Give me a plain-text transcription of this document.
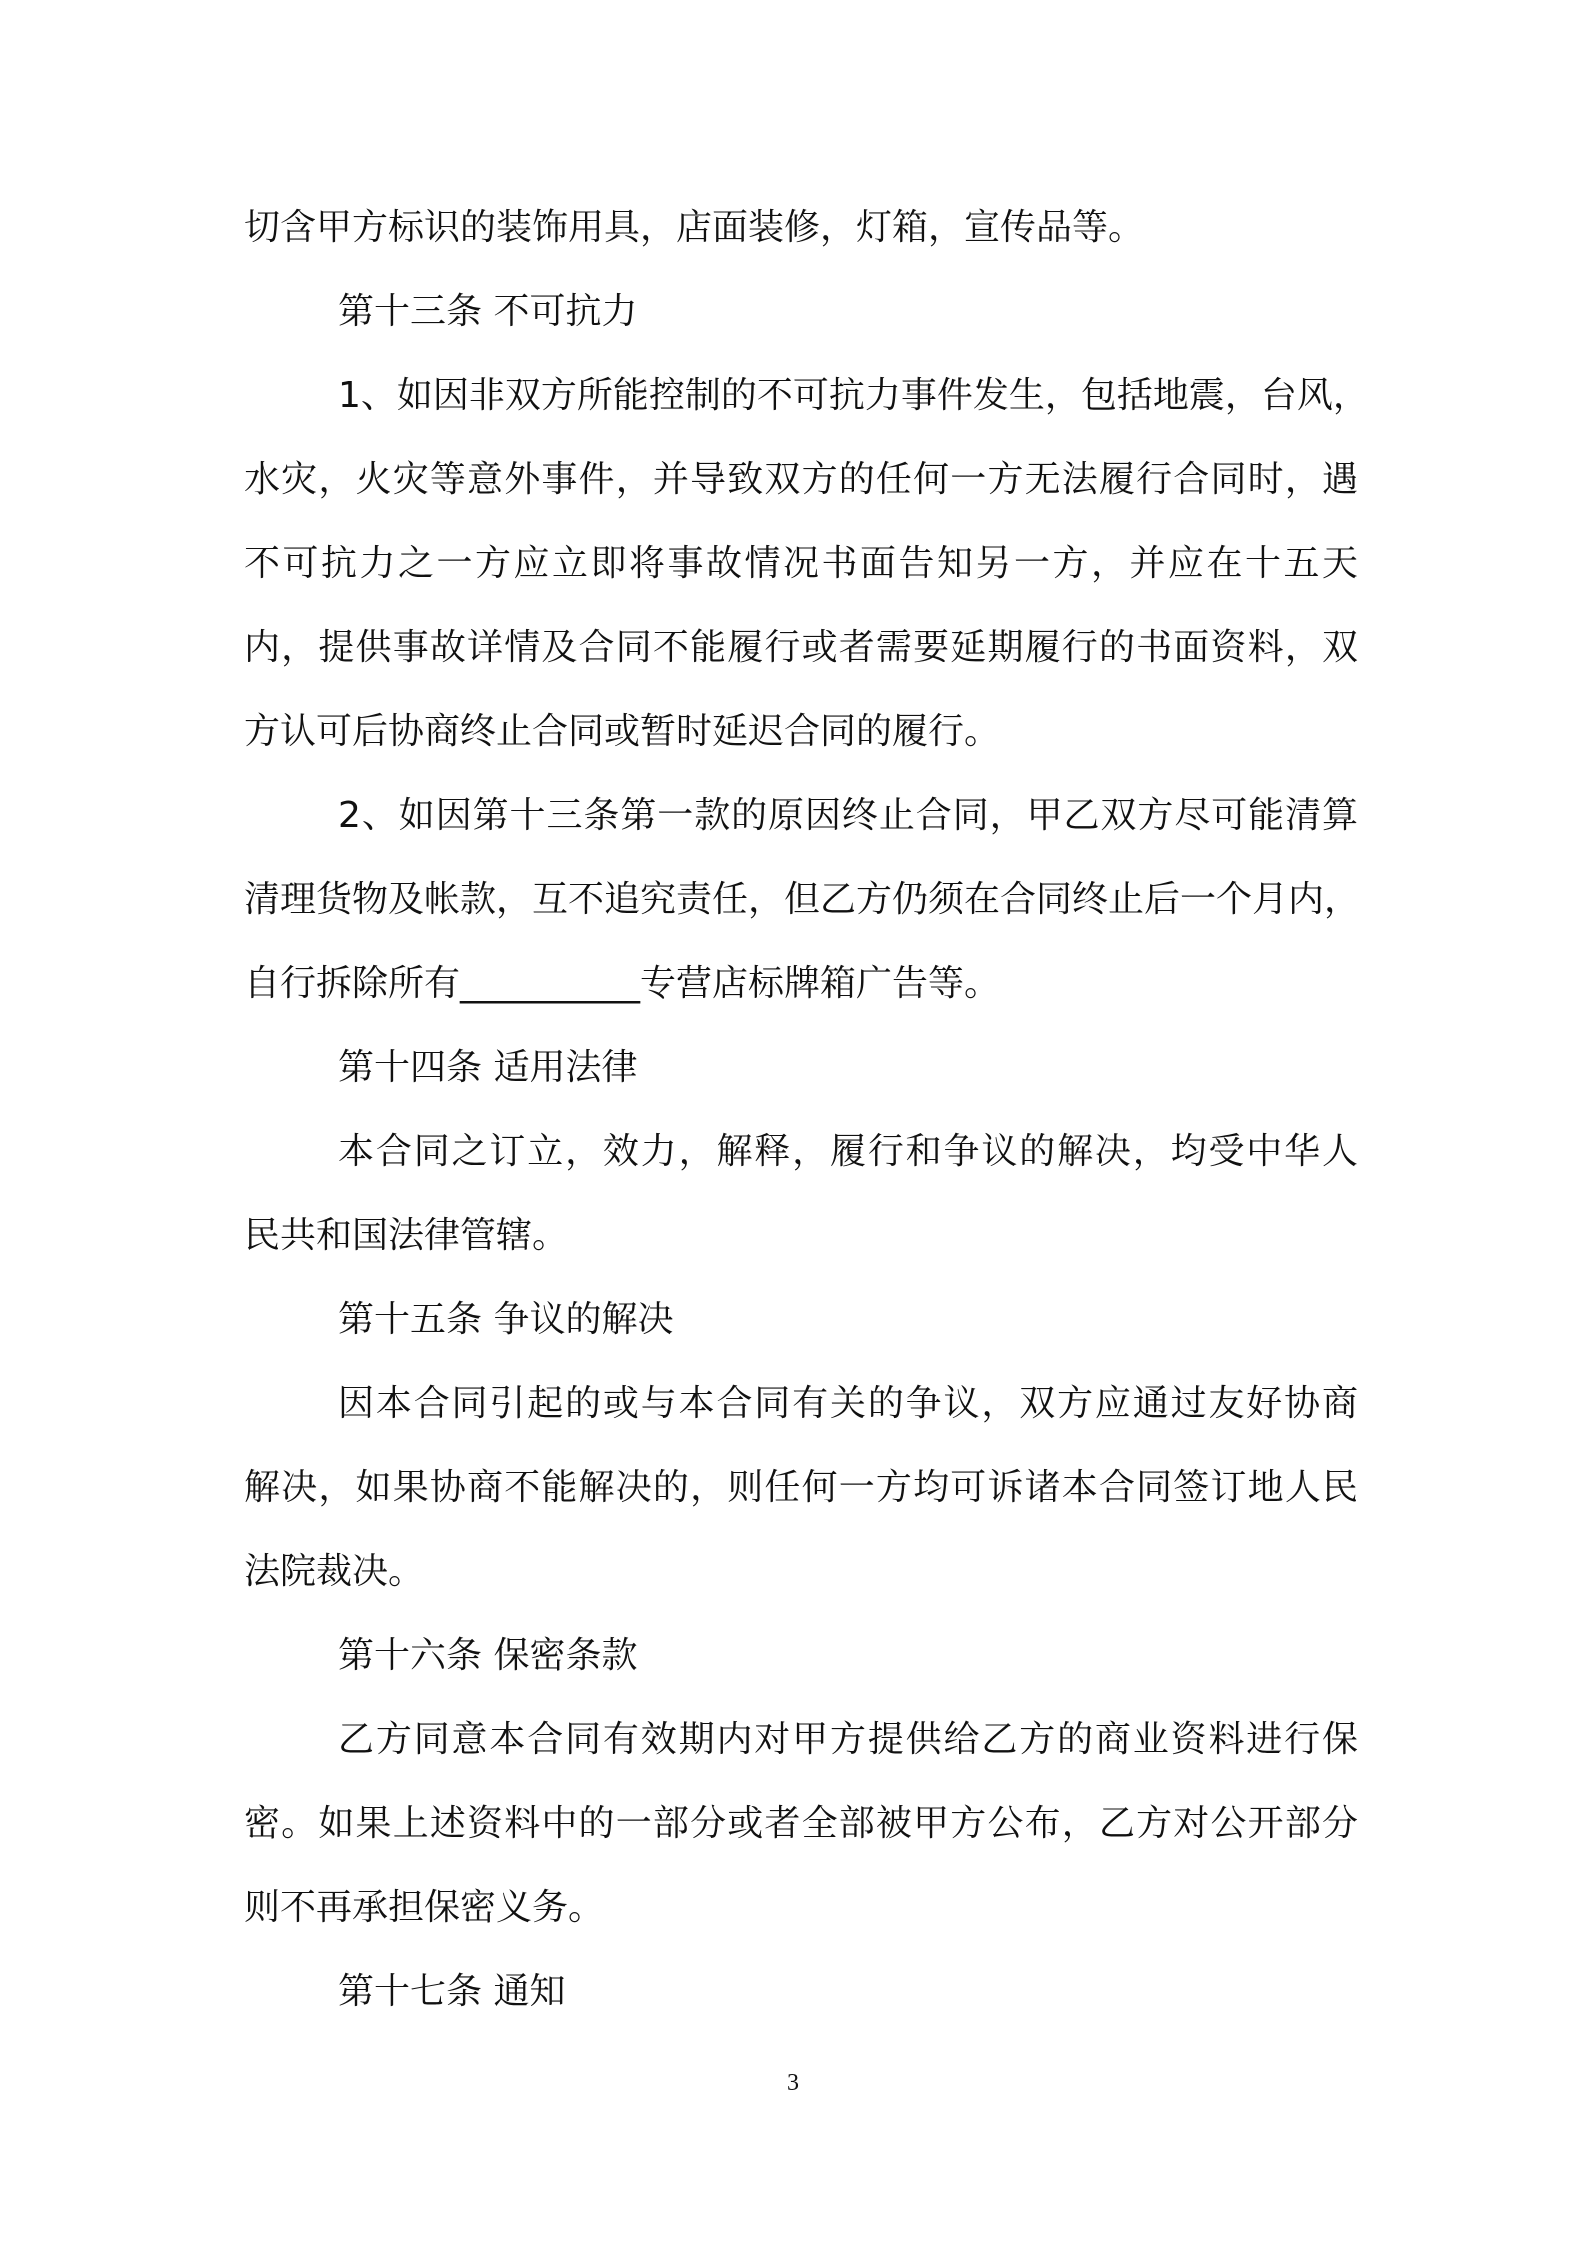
切含甲方标识的装饰用具，店面装修，灯箱，宣传品等。
第十三条 不可抗力
1、如因非双方所能控制的不可抗力事件发生，包括地震，台风，
水灾，火灾等意外事件，并导致双方的任何一方无法履行合同时，遇
不可抗力之一方应立即将事故情况书面告知另一方，并应在十五天
内，提供事故详情及合同不能履行或者需要延期履行的书面资料，双
方认可后协商终止合同或暂时延迟合同的履行。
2、如因第十三条第一款的原因终止合同，甲乙双方尽可能清算
清理货物及帐款，互不追究责任，但乙方仍须在合同终止后一个月内，
自行拆除所有__________专营店标牌箱广告等。
第十四条 适用法律
本合同之订立，效力，解释，履行和争议的解决，均受中华人
民共和国法律管辖。
第十五条 争议的解决
因本合同引起的或与本合同有关的争议，双方应通过友好协商
解决，如果协商不能解决的，则任何一方均可诉诸本合同签订地人民
法院裁决。
第十六条 保密条款
乙方同意本合同有效期内对甲方提供给乙方的商业资料进行保
密。如果上述资料中的一部分或者全部被甲方公布，乙方对公开部分
则不再承担保密义务。
第十七条 通知
3
